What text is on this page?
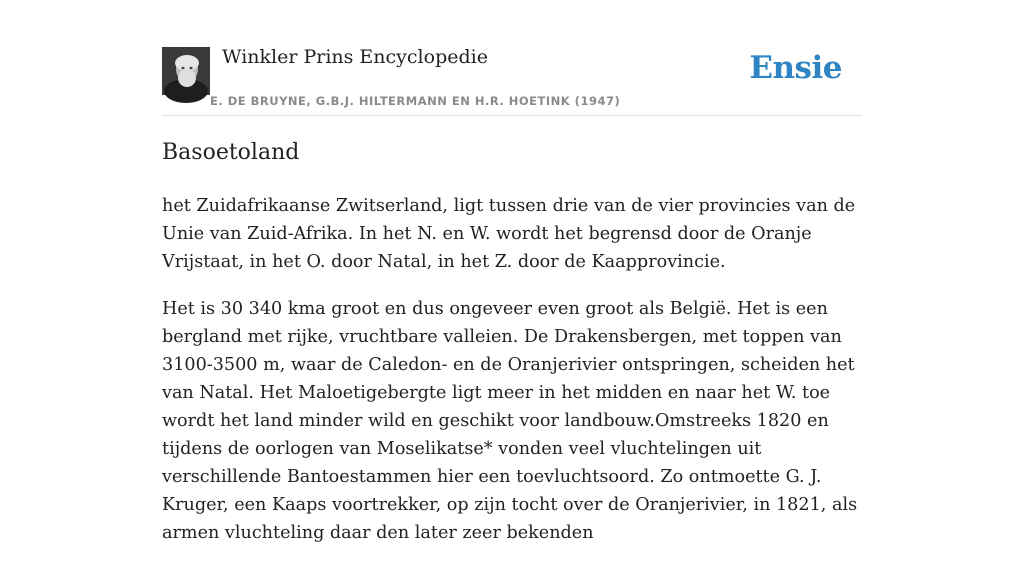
Winkler Prins Encyclopedie
E. DE BRUYNE, G.B.J. HILTERMANN EN H.R. HOETINK (1947)
Ensie
Basoetoland

het Zuidafrikaanse Zwitserland, ligt tussen drie van de vier provincies van de Unie van Zuid-Afrika. In het N. en W. wordt het begrensd door de Oranje Vrijstaat, in het O. door Natal, in het Z. door de Kaapprovincie.

Het is 30 340 kma groot en dus ongeveer even groot als België. Het is een bergland met rijke, vruchtbare valleien. De Drakensbergen, met toppen van 3100-3500 m, waar de Caledon- en de Oranjerivier ontspringen, scheiden het van Natal. Het Maloetigebergte ligt meer in het midden en naar het W. toe wordt het land minder wild en geschikt voor landbouw.Omstreeks 1820 en tijdens de oorlogen van Moselikatse* vonden veel vluchtelingen uit verschillende Bantoestammen hier een toevluchtsoord. Zo ontmoette G. J. Kruger, een Kaaps voortrekker, op zijn tocht over de Oranjerivier, in 1821, als armen vluchteling daar den later zeer bekenden
